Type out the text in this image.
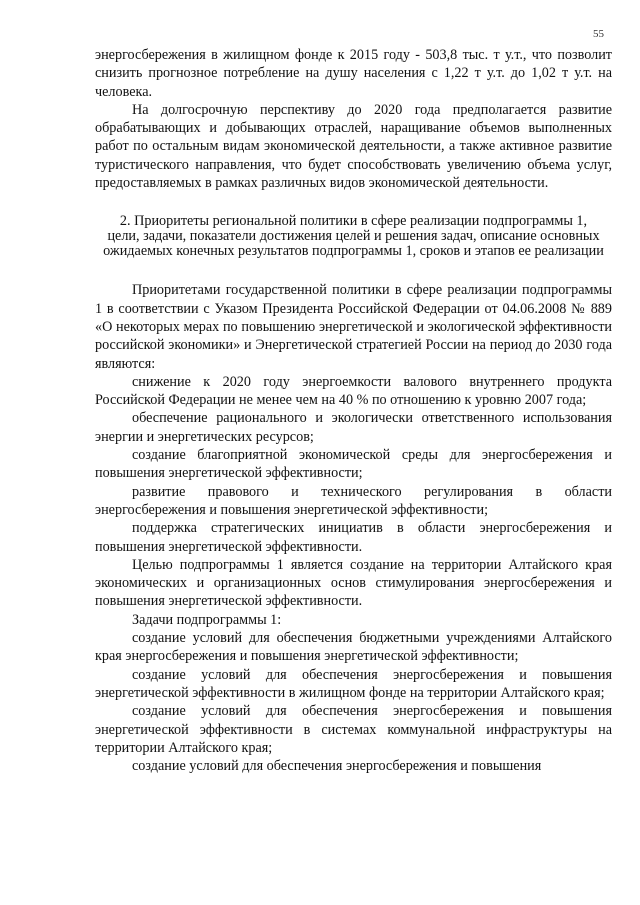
55

энергосбережения в жилищном фонде к 2015 году - 503,8 тыс. т у.т., что позволит снизить прогнозное потребление на душу населения с 1,22 т у.т. до 1,02 т у.т. на человека.

На долгосрочную перспективу до 2020 года предполагается развитие обрабатывающих и добывающих отраслей, наращивание объемов выполненных работ по остальным видам экономической деятельности, а также активное развитие туристического направления, что будет способствовать увеличению объема услуг, предоставляемых в рамках различных видов экономической деятельности.

2. Приоритеты региональной политики в сфере реализации подпрограммы 1, цели, задачи, показатели достижения целей и решения задач, описание основных ожидаемых конечных результатов подпрограммы 1, сроков и этапов ее реализации

Приоритетами государственной политики в сфере реализации подпрограммы 1 в соответствии с Указом Президента Российской Федерации от 04.06.2008 № 889 «О некоторых мерах по повышению энергетической и экологической эффективности российской экономики» и Энергетической стратегией России на период до 2030 года являются:

снижение к 2020 году энергоемкости валового внутреннего продукта Российской Федерации не менее чем на 40 % по отношению к уровню 2007 года;

обеспечение рационального и экологически ответственного использования энергии и энергетических ресурсов;

создание благоприятной экономической среды для энергосбережения и повышения энергетической эффективности;

развитие правового и технического регулирования в области энергосбережения и повышения энергетической эффективности;

поддержка стратегических инициатив в области энергосбережения и повышения энергетической эффективности.

Целью подпрограммы 1 является создание на территории Алтайского края экономических и организационных основ стимулирования энергосбережения и повышения энергетической эффективности.

Задачи подпрограммы 1:

создание условий для обеспечения бюджетными учреждениями Алтайского края энергосбережения и повышения энергетической эффективности;

создание условий для обеспечения энергосбережения и повышения энергетической эффективности в жилищном фонде на территории Алтайского края;

создание условий для обеспечения энергосбережения и повышения энергетической эффективности в системах коммунальной инфраструктуры на территории Алтайского края;

создание условий для обеспечения энергосбережения и повышения
